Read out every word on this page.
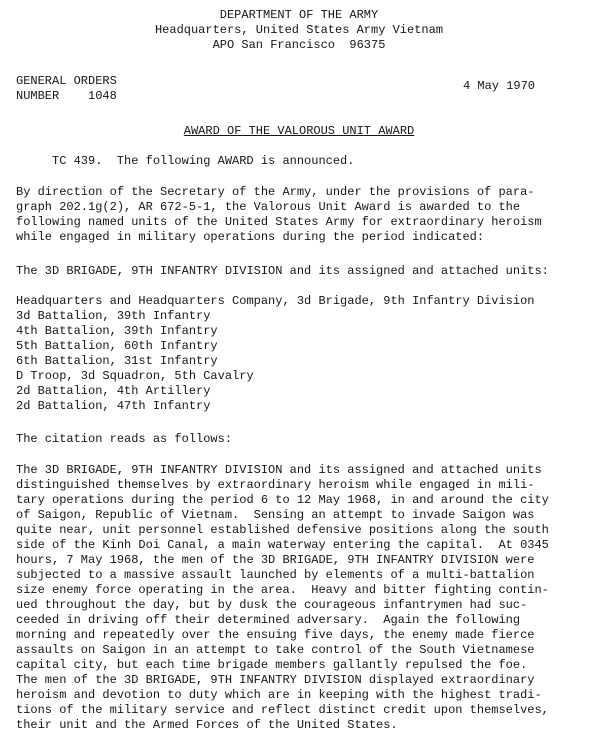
DEPARTMENT OF THE ARMY
Headquarters, United States Army Vietnam
APO San Francisco  96375
GENERAL ORDERS
NUMBER    1048
4 May 1970
AWARD OF THE VALOROUS UNIT AWARD
TC 439.  The following AWARD is announced.
By direction of the Secretary of the Army, under the provisions of para-
graph 202.1g(2), AR 672-5-1, the Valorous Unit Award is awarded to the
following named units of the United States Army for extraordinary heroism
while engaged in military operations during the period indicated:
The 3D BRIGADE, 9TH INFANTRY DIVISION and its assigned and attached units:
Headquarters and Headquarters Company, 3d Brigade, 9th Infantry Division
3d Battalion, 39th Infantry
4th Battalion, 39th Infantry
5th Battalion, 60th Infantry
6th Battalion, 31st Infantry
D Troop, 3d Squadron, 5th Cavalry
2d Battalion, 4th Artillery
2d Battalion, 47th Infantry
The citation reads as follows:
The 3D BRIGADE, 9TH INFANTRY DIVISION and its assigned and attached units
distinguished themselves by extraordinary heroism while engaged in mili-
tary operations during the period 6 to 12 May 1968, in and around the city
of Saigon, Republic of Vietnam.  Sensing an attempt to invade Saigon was
quite near, unit personnel established defensive positions along the south
side of the Kinh Doi Canal, a main waterway entering the capital.  At 0345
hours, 7 May 1968, the men of the 3D BRIGADE, 9TH INFANTRY DIVISION were
subjected to a massive assault launched by elements of a multi-battalion
size enemy force operating in the area.  Heavy and bitter fighting contin-
ued throughout the day, but by dusk the courageous infantrymen had suc-
ceeded in driving off their determined adversary.  Again the following
morning and repeatedly over the ensuing five days, the enemy made fierce
assaults on Saigon in an attempt to take control of the South Vietnamese
capital city, but each time brigade members gallantly repulsed the foe.
The men of the 3D BRIGADE, 9TH INFANTRY DIVISION displayed extraordinary
heroism and devotion to duty which are in keeping with the highest tradi-
tions of the military service and reflect distinct credit upon themselves,
their unit and the Armed Forces of the United States.
